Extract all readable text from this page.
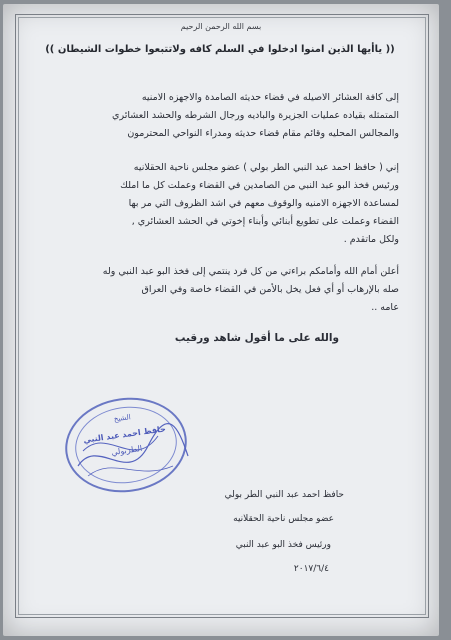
بسم الله الرحمن الرحيم
(( ياأيها الذين امنوا ادخلوا في السلم كافه ولاتتبعوا خطوات الشيطان ))
إلى كافة العشائر الاصيله في قضاء حديثه الصامدة والاجهزه الامنيه
المتمثله بقياده عمليات الجزيرة والباديه ورجال الشرطه والحشد العشائري
والمجالس المحليه وقائم مقام قضاء حديثه ومدراء النواحي المحترمون
إني ( حافظ احمد عبد النبي الطر بولي ) عضو مجلس ناحية الحقلانيه
ورئيس فخذ البو عبد النبي من الصامدين في القضاء وعملت كل ما املك
لمساعدة الاجهزه الامنيه والوقوف معهم في اشد الظروف التي مر بها
القضاء وعملت على تطويع أبنائي وأبناء إخوتي في الحشد العشائري ,
ولكل ماتقدم .
أعلن أمام الله وأمامكم براءتي من كل فرد ينتمي إلى فخذ البو عبد النبي وله
صله بالإرهاب أو أي فعل يخل بالأمن في القضاء خاصة وفي العراق
عامه ..
والله على ما أقول شاهد ورقيب
الشيخ
حافظ احمد عبد النبي
الطربولي
حافظ احمد عبد النبي الطر بولي
عضو مجلس ناحية الحقلانيه
ورئيس فخذ البو عبد النبي
٢٠١٧/٦/٤
